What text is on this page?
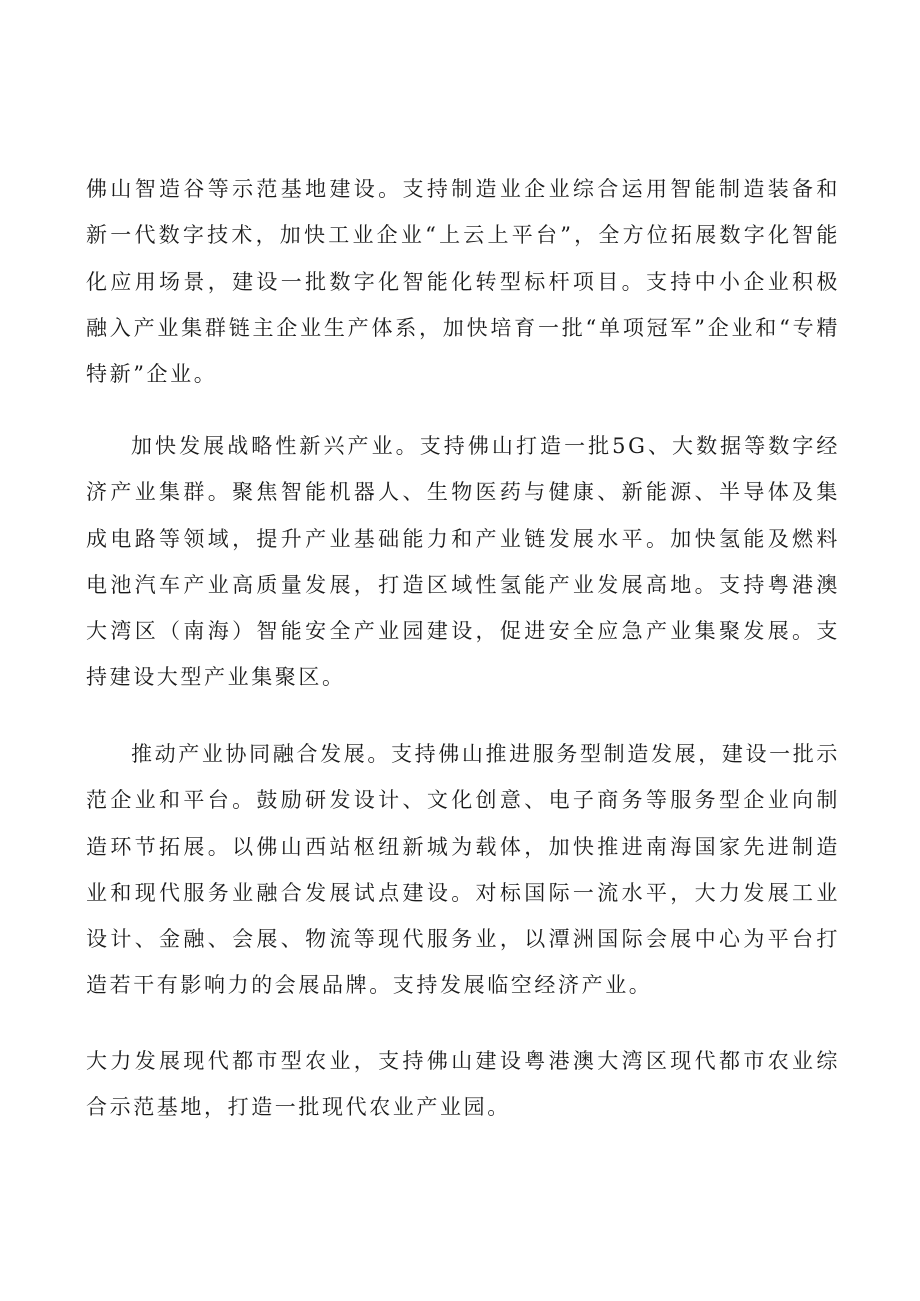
佛山智造谷等示范基地建设。支持制造业企业综合运用智能制造装备和新一代数字技术，加快工业企业“上云上平台”，全方位拓展数字化智能化应用场景，建设一批数字化智能化转型标杆项目。支持中小企业积极融入产业集群链主企业生产体系，加快培育一批“单项冠军”企业和“专精特新”企业。

加快发展战略性新兴产业。支持佛山打造一批5G、大数据等数字经济产业集群。聚焦智能机器人、生物医药与健康、新能源、半导体及集成电路等领域，提升产业基础能力和产业链发展水平。加快氢能及燃料电池汽车产业高质量发展，打造区域性氢能产业发展高地。支持粤港澳大湾区（南海）智能安全产业园建设，促进安全应急产业集聚发展。支持建设大型产业集聚区。

推动产业协同融合发展。支持佛山推进服务型制造发展，建设一批示范企业和平台。鼓励研发设计、文化创意、电子商务等服务型企业向制造环节拓展。以佛山西站枢纽新城为载体，加快推进南海国家先进制造业和现代服务业融合发展试点建设。对标国际一流水平，大力发展工业设计、金融、会展、物流等现代服务业，以潭洲国际会展中心为平台打造若干有影响力的会展品牌。支持发展临空经济产业。

大力发展现代都市型农业，支持佛山建设粤港澳大湾区现代都市农业综合示范基地，打造一批现代农业产业园。
